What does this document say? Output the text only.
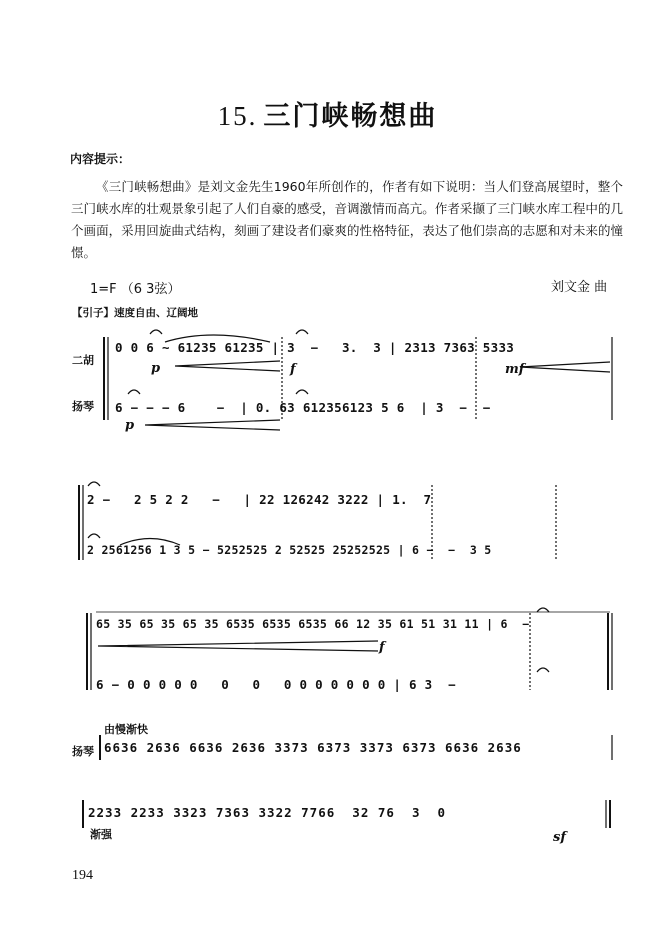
15. 三门峡畅想曲
内容提示：
《三门峡畅想曲》是刘文金先生1960年所创作的，作者有如下说明：当人们登高展望时，整个三门峡水库的壮观景象引起了人们自豪的感受，音调激情而高亢。作者采撷了三门峡水库工程中的几个画面，采用回旋曲式结构，刻画了建设者们豪爽的性格特征，表达了他们崇高的志愿和对未来的憧憬。
1=F （6 3弦）	刘文金 曲
【引子】速度自由、辽阔地
二胡
扬琴
扬琴
由慢渐快
0 0 6 ~ 61235 61235 | 3  −   3.  3 | 2313 7363 5333
6 − − − 6    −  | 0. 63 612356123 5 6  | 3  −  −
2 −   2 5 2 2   −   | 22 126242 3222 | 1.  7
2 2561256 1 3 5 − 5252525 2 52525 25252525 | 6 −  −  3 5
65 35 65 35 65 35 6535 6535 6535 66 12 35 61 51 31 11 | 6  −
6 − 0 0 0 0 0   0   0   0 0 0 0 0 0 0 | 6 3  −
6636 2636 6636 2636 3373 6373 3373 6373 6636 2636
2233 2233 3323 7363 3322 7766  32 76  3  0
p	f	mf
p
f
sf
渐强
194
